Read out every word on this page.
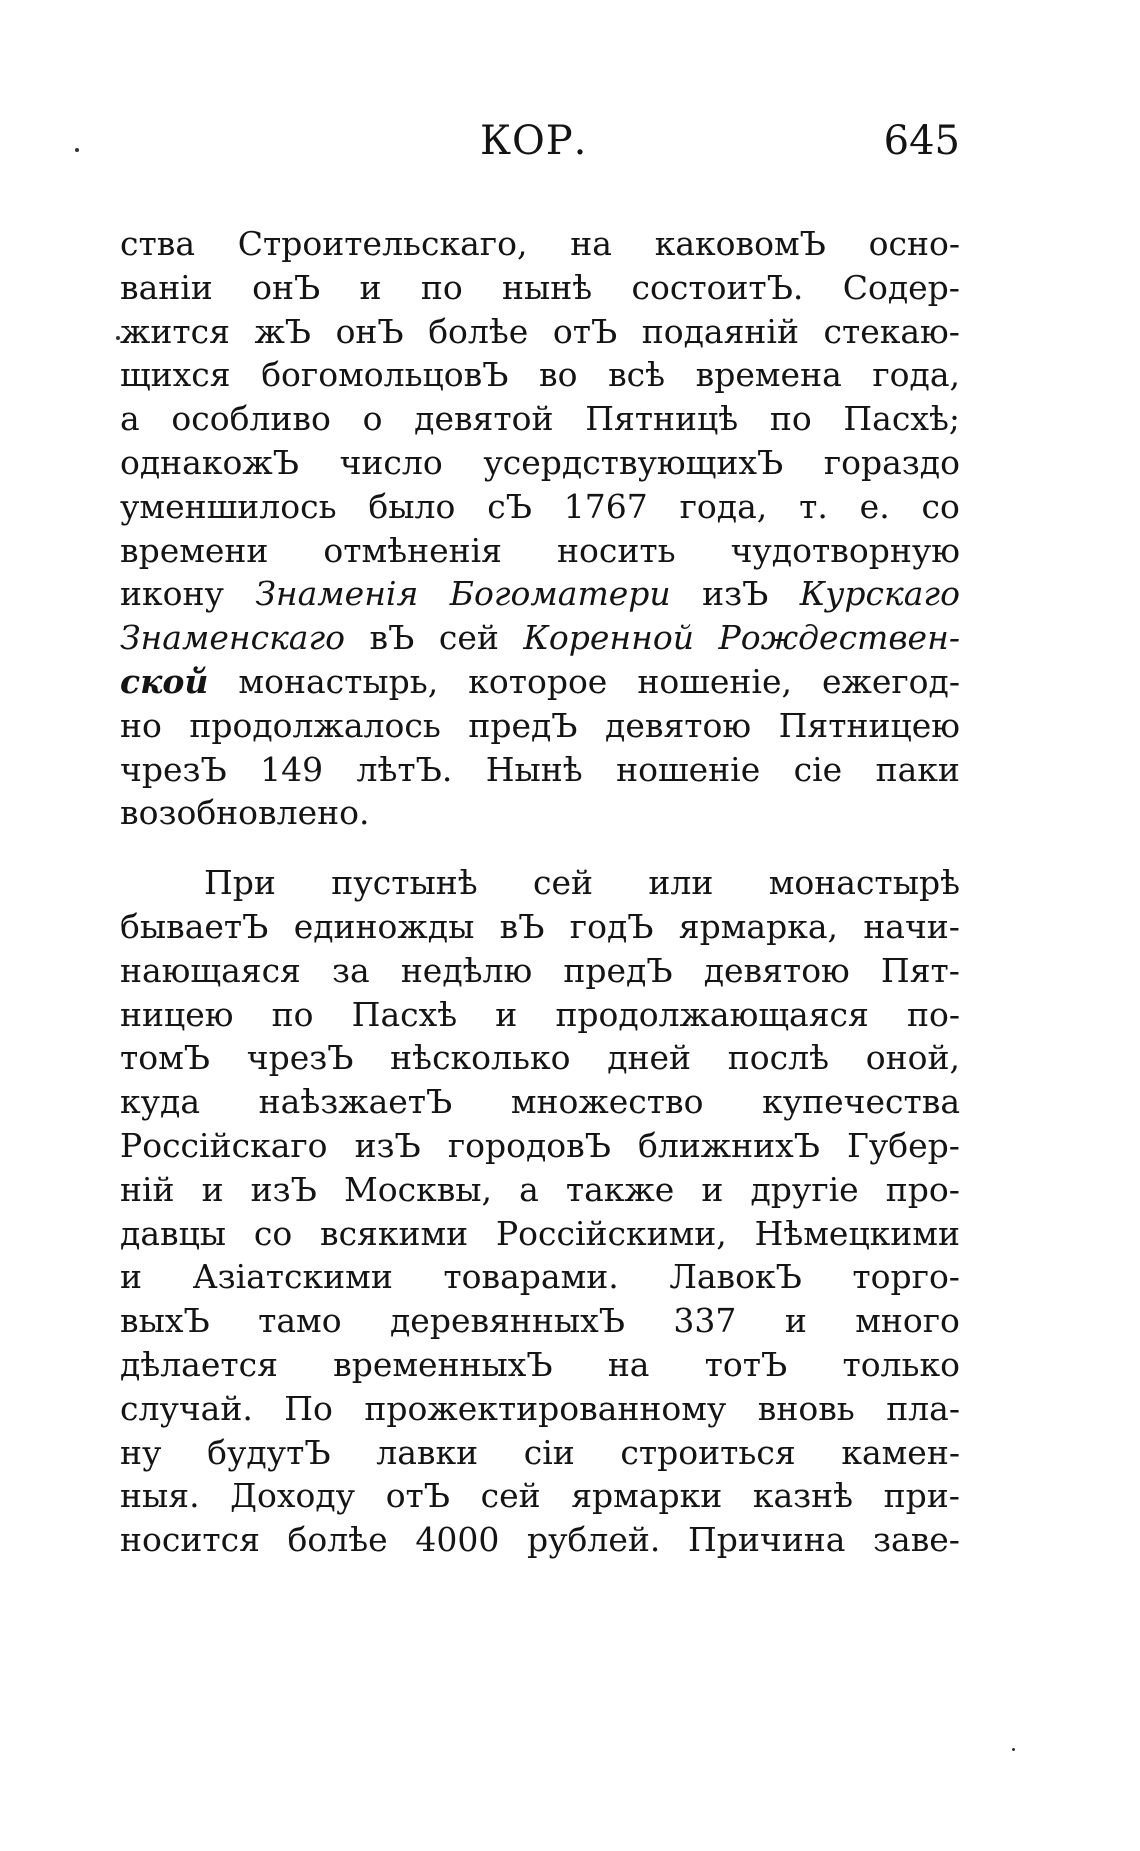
КОР.	645
ства Строительскаго, на каковомЪ осно-
ваніи онЪ и по нынѣ состоитЪ. Содер-
жится жЪ онЪ болѣе отЪ подаяній стекаю-
щихся богомольцовЪ во всѣ времена года,
а особливо о девятой Пятницѣ по Пасхѣ;
однакожЪ число усердствующихЪ гораздо
уменшилось было сЪ 1767 года, т. е. со
времени отмѣненія носить чудотворную
икону Знаменія Богоматери изЪ Курскаго
Знаменскаго вЪ сей Коренной Рождествен-
ской монастырь, которое ношеніе, ежегод-
но продолжалось предЪ девятою Пятницею
чрезЪ 149 лѣтЪ. Нынѣ ношеніе сіе паки
возобновлено.
При пустынѣ сей или монастырѣ
бываетЪ единожды вЪ годЪ ярмарка, начи-
нающаяся за недѣлю предЪ девятою Пят-
ницею по Пасхѣ и продолжающаяся по-
томЪ чрезЪ нѣсколько дней послѣ оной,
куда наѣзжаетЪ множество купечества
Россійскаго изЪ городовЪ ближнихЪ Губер-
ній и изЪ Москвы, а также и другіе про-
давцы со всякими Россійскими, Нѣмецкими
и Азіатскими товарами. ЛавокЪ торго-
выхЪ тамо деревянныхЪ 337 и много
дѣлается временныхЪ на тотЪ только
случай. По прожектированному вновь пла-
ну будутЪ лавки сіи строиться камен-
ныя. Доходу отЪ сей ярмарки казнѣ при-
носится болѣе 4000 рублей. Причина заве-
